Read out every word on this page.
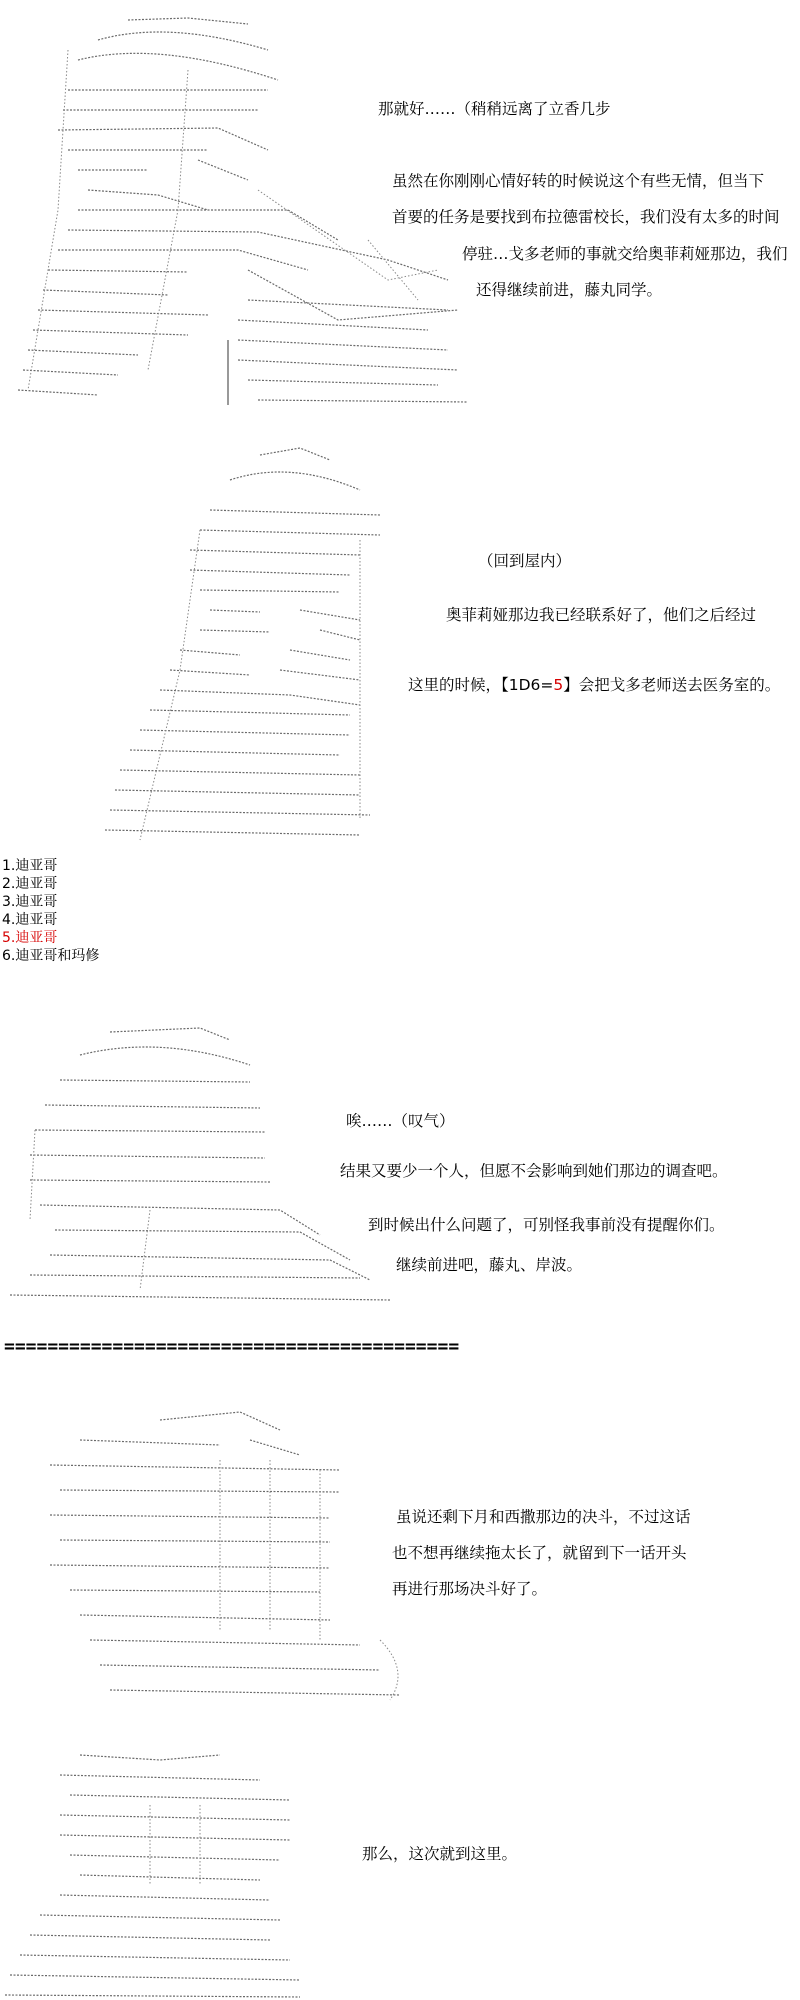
那就好……（稍稍远离了立香几步
虽然在你刚刚心情好转的时候说这个有些无情，但当下
首要的任务是要找到布拉德雷校长，我们没有太多的时间
停驻…戈多老师的事就交给奥菲莉娅那边，我们
还得继续前进，藤丸同学。
（回到屋内）
奥菲莉娅那边我已经联系好了，他们之后经过
这里的时候，【1D6=5】会把戈多老师送去医务室的。
1.迪亚哥
2.迪亚哥
3.迪亚哥
4.迪亚哥
5.迪亚哥
6.迪亚哥和玛修
唉……（叹气）
结果又要少一个人，但愿不会影响到她们那边的调查吧。
到时候出什么问题了，可别怪我事前没有提醒你们。
继续前进吧，藤丸、岸波。
==========================================
虽说还剩下月和西撒那边的决斗，不过这话
也不想再继续拖太长了，就留到下一话开头
再进行那场决斗好了。
那么，这次就到这里。
